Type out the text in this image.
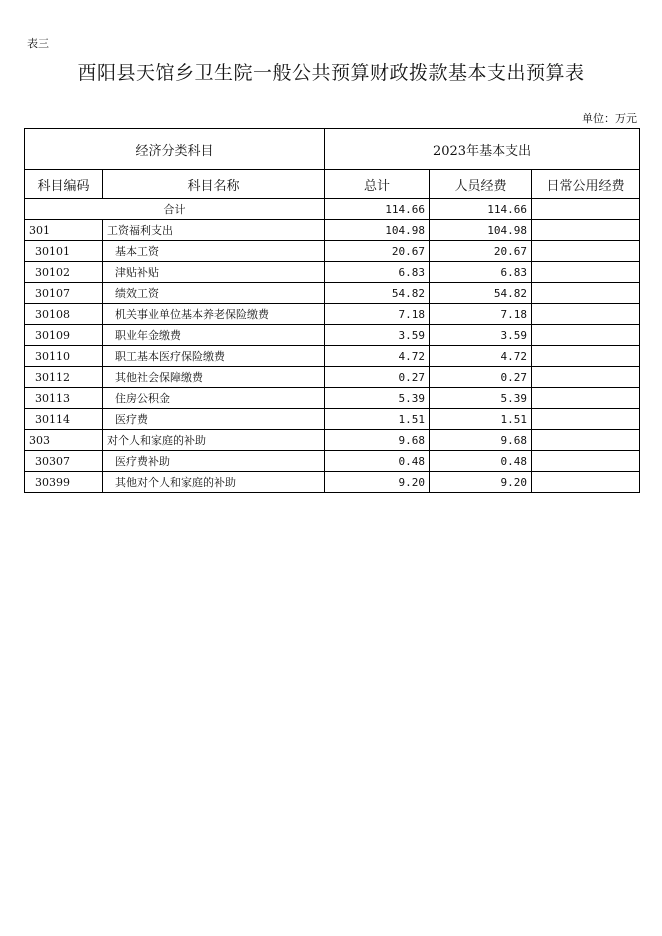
表三
酉阳县天馆乡卫生院一般公共预算财政拨款基本支出预算表
单位：万元
经济分类科目		2023年基本支出		
科目编码	科目名称	总计	人员经费	日常公用经费
合计		114.66	114.66	
301	工资福利支出	104.98	104.98	
30101	基本工资	20.67	20.67	
30102	津贴补贴	6.83	6.83	
30107	绩效工资	54.82	54.82	
30108	机关事业单位基本养老保险缴费	7.18	7.18	
30109	职业年金缴费	3.59	3.59	
30110	职工基本医疗保险缴费	4.72	4.72	
30112	其他社会保障缴费	0.27	0.27	
30113	住房公积金	5.39	5.39	
30114	医疗费	1.51	1.51	
303	对个人和家庭的补助	9.68	9.68	
30307	医疗费补助	0.48	0.48	
30399	其他对个人和家庭的补助	9.20	9.20	
